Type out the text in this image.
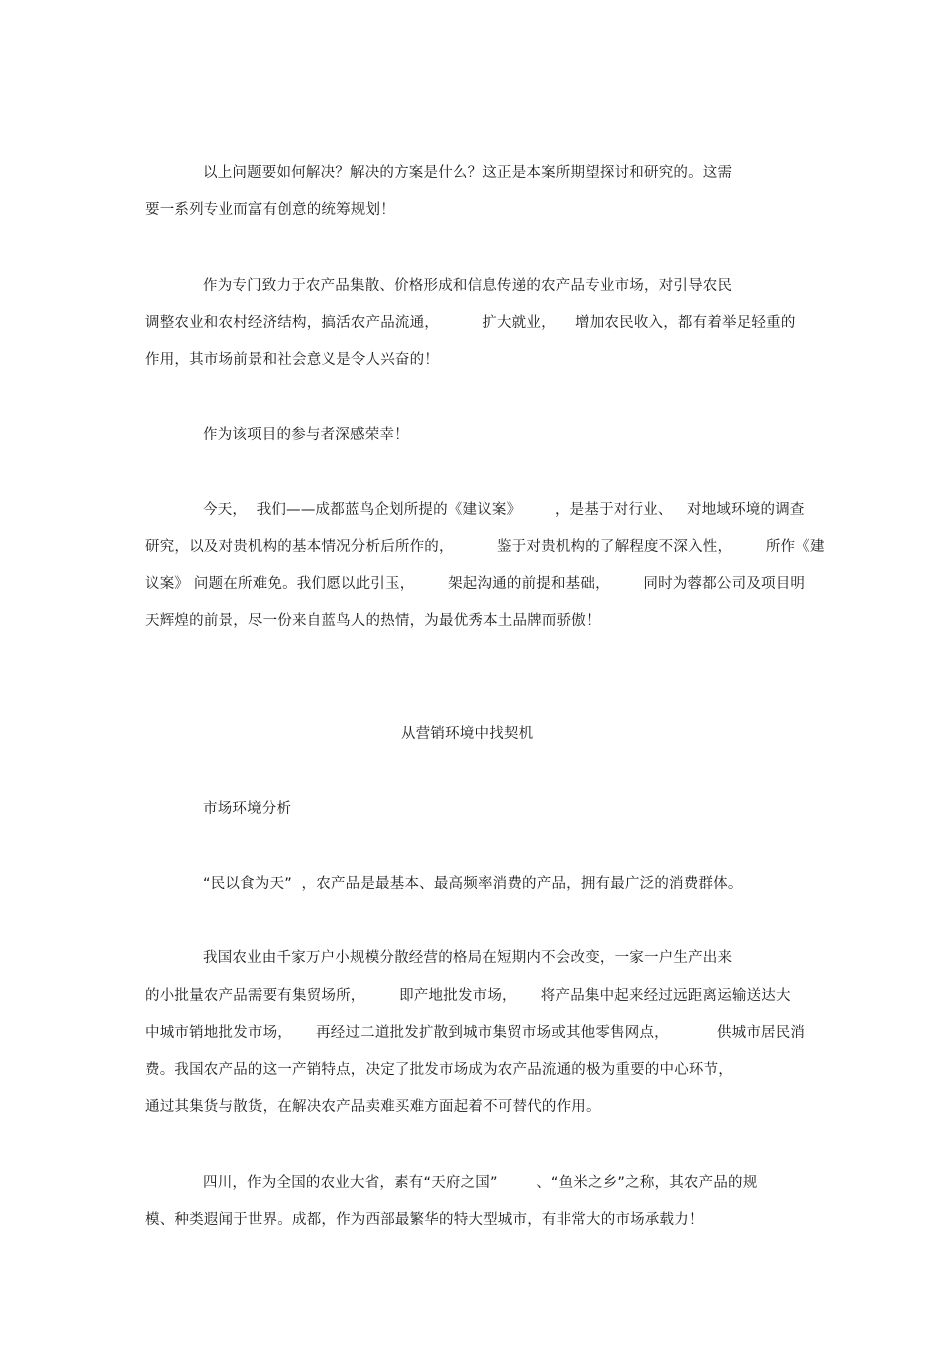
以上问题要如何解决？解决的方案是什么？这正是本案所期望探讨和研究的。这需
要一系列专业而富有创意的统筹规划！
作为专门致力于农产品集散、价格形成和信息传递的农产品专业市场，对引导农民
调整农业和农村经济结构，搞活农产品流通，         扩大就业，    增加农民收入，都有着举足轻重的
作用，其市场前景和社会意义是令人兴奋的！
作为该项目的参与者深感荣幸！
今天，  我们——成都蓝鸟企划所提的《建议案》       ，是基于对行业、   对地域环境的调查
研究，以及对贵机构的基本情况分析后所作的，         鉴于对贵机构的了解程度不深入性，       所作《建
议案》 问题在所难免。我们愿以此引玉，       架起沟通的前提和基础，       同时为蓉都公司及项目明
天辉煌的前景，尽一份来自蓝鸟人的热情，为最优秀本土品牌而骄傲！
从营销环境中找契机
市场环境分析
“民以食为天”  ，农产品是最基本、最高频率消费的产品，拥有最广泛的消费群体。
我国农业由千家万户小规模分散经营的格局在短期内不会改变，一家一户生产出来
的小批量农产品需要有集贸场所，       即产地批发市场，     将产品集中起来经过远距离运输送达大
中城市销地批发市场，     再经过二道批发扩散到城市集贸市场或其他零售网点，          供城市居民消
费。我国农产品的这一产销特点，决定了批发市场成为农产品流通的极为重要的中心环节，
通过其集货与散货，在解决农产品卖难买难方面起着不可替代的作用。
四川，作为全国的农业大省，素有“天府之国”        、“鱼米之乡”之称，其农产品的规
模、种类遐闻于世界。成都，作为西部最繁华的特大型城市，有非常大的市场承载力！
